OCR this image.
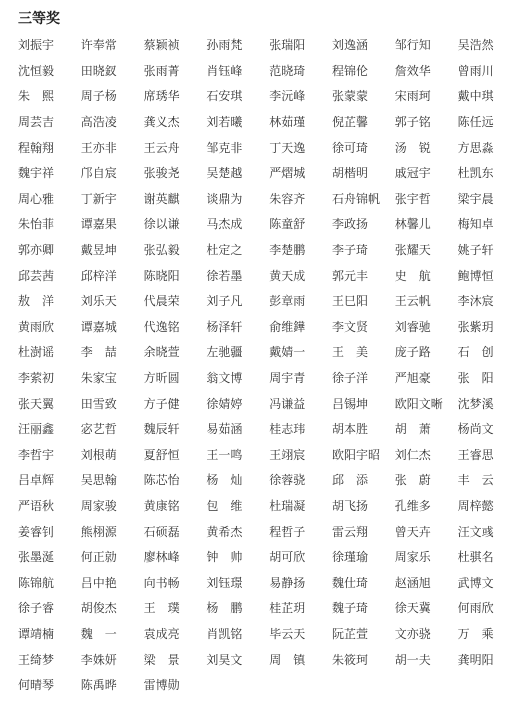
三等奖
刘振宇	许奉常	蔡颖祯	孙雨梵	张瑞阳	刘逸涵	邹行知	吴浩然
沈恒毅	田晓釵	张雨菁	肖钰峰	范晓琦	程锦伦	詹效华	曾雨川
朱　熙	周子杨	席琇华	石安琪	李沅峰	张蒙蒙	宋雨珂	戴中琪
周芸吉	高浩凌	龚义杰	刘若曦	林茹瑾	倪芷馨	郭子铭	陈任远
程翰翔	王亦非	王云舟	邹克非	丁天逸	徐可琦	汤　锐	方思淼
魏宇祥	邝自宸	张骏尧	吴楚越	严熠城	胡楷明	戚冠宇	杜凯东
周心雅	丁新宇	谢英麒	谈鼎为	朱容齐	石舟锦帆	张宇哲	梁宇晨
朱怡菲	谭嘉果	徐以谦	马杰成	陈童舒	李政扬	林馨儿	梅知卓
郭亦卿	戴昱坤	张弘毅	杜定之	李楚鹏	李子琦	张耀天	姚子轩
邱芸茜	邱梓洋	陈晓阳	徐若墨	黄天成	郭元丰	史　航	鲍博恒
敖　洋	刘乐天	代晨荣	刘子凡	彭章雨	王巳阳	王云帆	李沐宸
黄雨欣	谭嘉城	代逸铭	杨泽轩	俞维鏵	李文贤	刘睿驰	张紫玥
杜澍谣	李　喆	余晓萱	左驰疆	戴婧一	王　美	庞子路	石　创
李萦初	朱家宝	方昕圆	翁文博	周宇青	徐子洋	严旭豪	张　阳
张天翼	田雪致	方子健	徐婧婷	冯谦益	吕锡坤	欧阳文晰	沈梦溪
汪丽鑫	宓艺哲	魏辰轩	易茹涵	桂志玮	胡本胜	胡　萧	杨尚文
李哲宇	刘根萌	夏舒恒	王一鸣	王翊宸	欧阳宇昭	刘仁杰	王睿思
吕卓辉	吴思翰	陈芯怡	杨　灿	徐蓉骁	邱　添	张　蔚	丰　云
严语秋	周家骏	黄康铭	包　维	杜瑞凝	胡飞扬	孔维多	周梓懿
姜睿钊	熊栩源	石硕磊	黄希杰	程哲子	雷云翔	曾天卉	汪文彧
张墨涎	何正勍	廖林峰	钟　帅	胡可欣	徐瑾瑜	周家乐	杜骐名
陈锦航	吕中艳	向书畅	刘钰璟	易静扬	魏仕琦	赵涵旭	武博文
徐子睿	胡俊杰	王　璞	杨　鹏	桂芷玥	魏子琦	徐天冀	何雨欣
谭靖楠	魏　一	袁成亮	肖凯铭	毕云天	阮芷萱	文亦骁	万　乘
王绮梦	李姝妍	梁　景	刘昊文	周　镇	朱筱珂	胡一夫	龚明阳
何晴琴	陈禹晔	雷博勋
